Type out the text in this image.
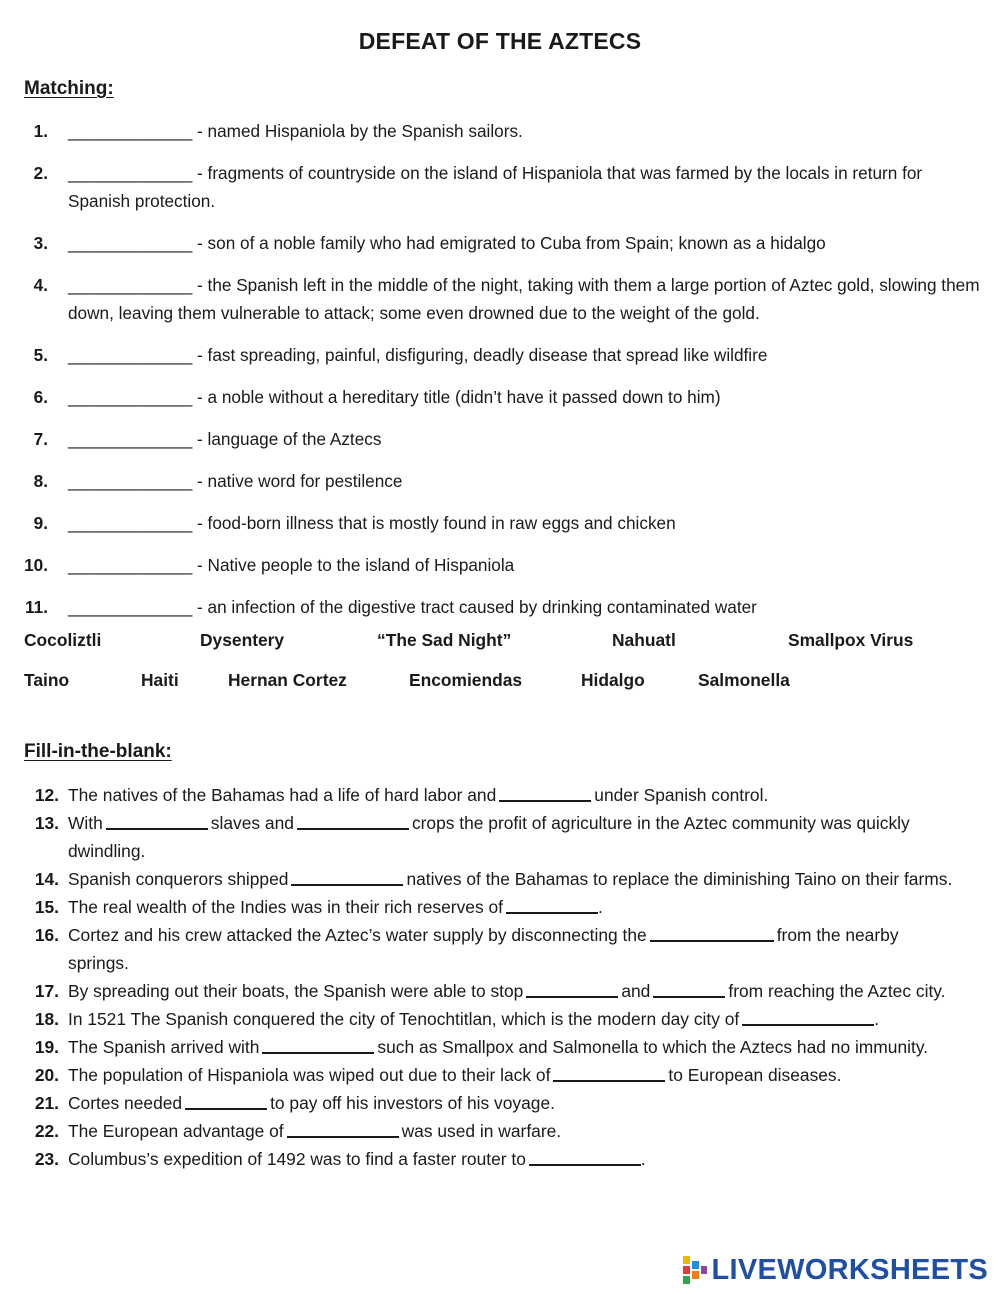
DEFEAT OF THE AZTECS
Matching:
1. _____________ - named Hispaniola by the Spanish sailors.
2. _____________ - fragments of countryside on the island of Hispaniola that was farmed by the locals in return for Spanish protection.
3. _____________ - son of a noble family who had emigrated to Cuba from Spain; known as a hidalgo
4. _____________ - the Spanish left in the middle of the night, taking with them a large portion of Aztec gold, slowing them down, leaving them vulnerable to attack; some even drowned due to the weight of the gold.
5. _____________ - fast spreading, painful, disfiguring, deadly disease that spread like wildfire
6. _____________ - a noble without a hereditary title (didn’t have it passed down to him)
7. _____________ - language of the Aztecs
8. _____________ - native word for pestilence
9. _____________ - food-born illness that is mostly found in raw eggs and chicken
10. _____________ - Native people to the island of Hispaniola
11. _____________ - an infection of the digestive tract caused by drinking contaminated water
Cocoliztli	Dysentery	“The Sad Night”	Nahuatl	Smallpox Virus
Taino	Haiti	Hernan Cortez	Encomiendas	Hidalgo	Salmonella
Fill-in-the-blank:
12. The natives of the Bahamas had a life of hard labor and	under Spanish control.
13. With	slaves and	crops the profit of agriculture in the Aztec community was quickly dwindling.
14. Spanish conquerors shipped	natives of the Bahamas to replace the diminishing Taino on their farms.
15. The real wealth of the Indies was in their rich reserves of	.
16. Cortez and his crew attacked the Aztec’s water supply by disconnecting the	from the nearby springs.
17. By spreading out their boats, the Spanish were able to stop	and	from reaching the Aztec city.
18. In 1521 The Spanish conquered the city of Tenochtitlan, which is the modern day city of	.
19. The Spanish arrived with	such as Smallpox and Salmonella to which the Aztecs had no immunity.
20. The population of Hispaniola was wiped out due to their lack of	to European diseases.
21. Cortes needed	to pay off his investors of his voyage.
22. The European advantage of	was used in warfare.
23. Columbus’s expedition of 1492 was to find a faster router to	.
LIVEWORKSHEETS
